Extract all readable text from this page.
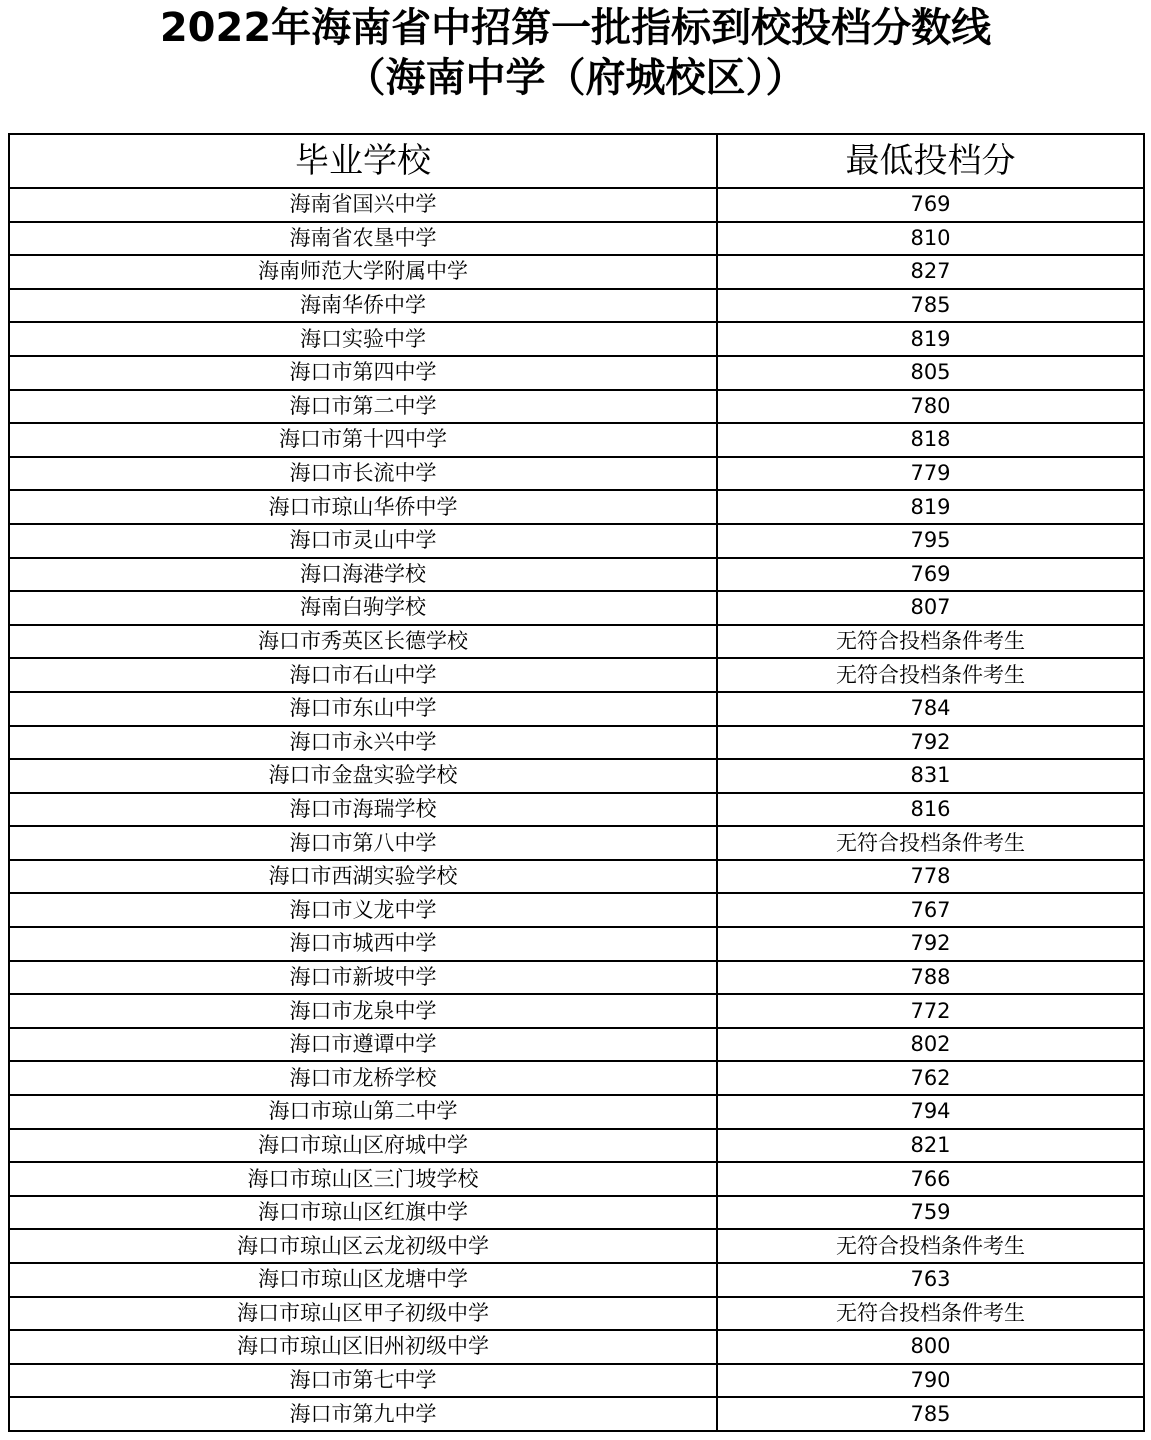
2022年海南省中招第一批指标到校投档分数线
（海南中学（府城校区））
毕业学校	最低投档分
海南省国兴中学	769
海南省农垦中学	810
海南师范大学附属中学	827
海南华侨中学	785
海口实验中学	819
海口市第四中学	805
海口市第二中学	780
海口市第十四中学	818
海口市长流中学	779
海口市琼山华侨中学	819
海口市灵山中学	795
海口海港学校	769
海南白驹学校	807
海口市秀英区长德学校	无符合投档条件考生
海口市石山中学	无符合投档条件考生
海口市东山中学	784
海口市永兴中学	792
海口市金盘实验学校	831
海口市海瑞学校	816
海口市第八中学	无符合投档条件考生
海口市西湖实验学校	778
海口市义龙中学	767
海口市城西中学	792
海口市新坡中学	788
海口市龙泉中学	772
海口市遵谭中学	802
海口市龙桥学校	762
海口市琼山第二中学	794
海口市琼山区府城中学	821
海口市琼山区三门坡学校	766
海口市琼山区红旗中学	759
海口市琼山区云龙初级中学	无符合投档条件考生
海口市琼山区龙塘中学	763
海口市琼山区甲子初级中学	无符合投档条件考生
海口市琼山区旧州初级中学	800
海口市第七中学	790
海口市第九中学	785
